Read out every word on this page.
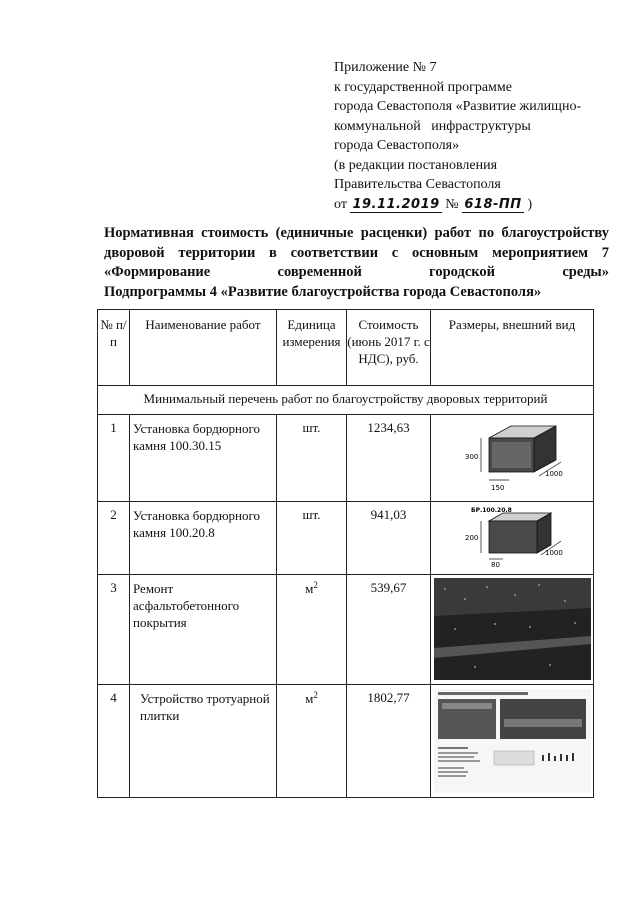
Приложение № 7
к государственной программе
города Севастополя «Развитие жилищно-
коммунальной   инфраструктуры
города Севастополя»
(в редакции постановления
Правительства Севастополя
от 19.11.2019 № 618-ПП )
Нормативная стоимость (единичные расценки) работ по благоустройству дворовой территории в соответствии с основным мероприятием 7 «Формирование современной городской среды»
Подпрограммы 4 «Развитие благоустройства города Севастополя»
№ п/п	Наименование работ	Единица измерения	Стоимость (июнь 2017 г. с НДС), руб.	Размеры, внешний вид
Минимальный перечень работ по благоустройству дворовых территорий				
1	Установка бордюрного камня 100.30.15	шт.	1234,63	300
150
1000

2	Установка бордюрного камня 100.20.8	шт.	941,03	БР.100.20.8
200
80
1000

3	Ремонт асфальтобетонного покрытия	$м^2$	539,67	

4	Устройство тротуарной плитки	$м^2$	1802,77	
